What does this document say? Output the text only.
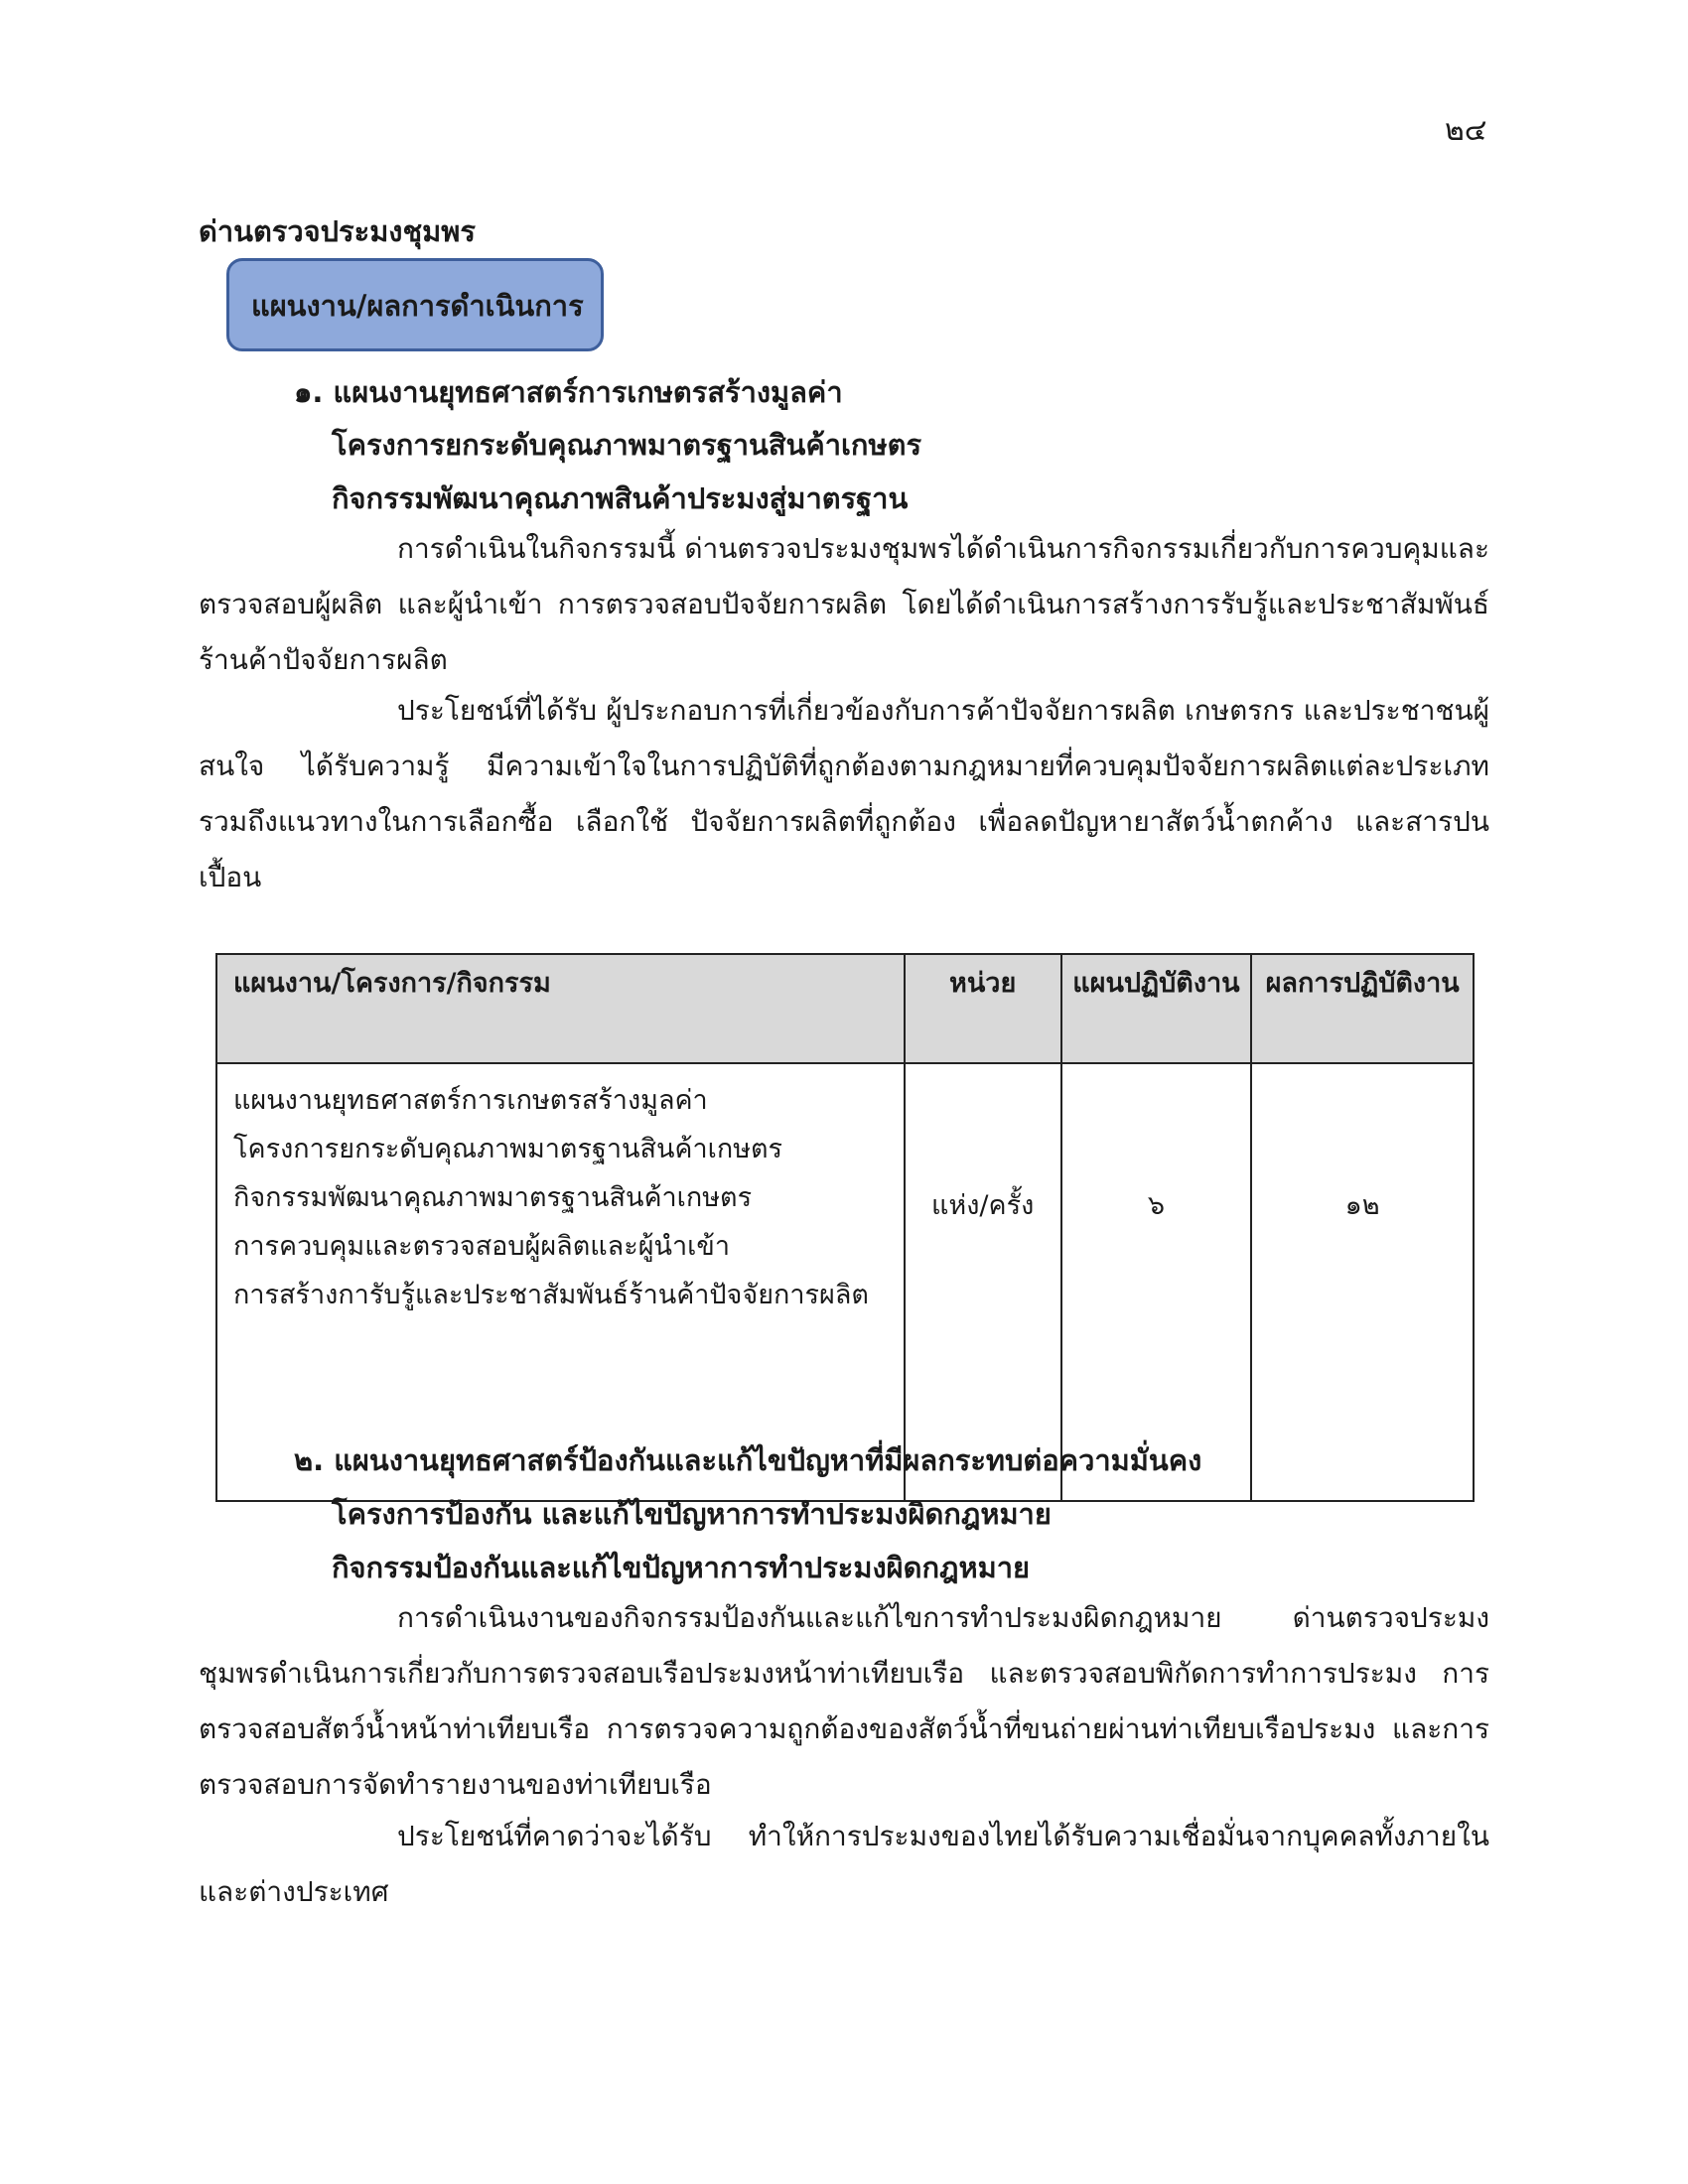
๒๔
ด่านตรวจประมงชุมพร
แผนงาน/ผลการดำเนินการ
๑. แผนงานยุทธศาสตร์การเกษตรสร้างมูลค่า
โครงการยกระดับคุณภาพมาตรฐานสินค้าเกษตร
กิจกรรมพัฒนาคุณภาพสินค้าประมงสู่มาตรฐาน
การดำเนินในกิจกรรมนี้ ด่านตรวจประมงชุมพรได้ดำเนินการกิจกรรมเกี่ยวกับการควบคุมและตรวจสอบผู้ผลิต และผู้นำเข้า การตรวจสอบปัจจัยการผลิต โดยได้ดำเนินการสร้างการรับรู้และประชาสัมพันธ์ร้านค้าปัจจัยการผลิต
ประโยชน์ที่ได้รับ ผู้ประกอบการที่เกี่ยวข้องกับการค้าปัจจัยการผลิต เกษตรกร และประชาชนผู้สนใจ ได้รับความรู้ มีความเข้าใจในการปฏิบัติที่ถูกต้องตามกฎหมายที่ควบคุมปัจจัยการผลิตแต่ละประเภท รวมถึงแนวทางในการเลือกซื้อ เลือกใช้ ปัจจัยการผลิตที่ถูกต้อง เพื่อลดปัญหายาสัตว์น้ำตกค้าง และสารปนเปื้อน
แผนงาน/โครงการ/กิจกรรม	หน่วย	แผนปฏิบัติงาน	ผลการปฏิบัติงาน

แผนงานยุทธศาสตร์การเกษตรสร้างมูลค่า
โครงการยกระดับคุณภาพมาตรฐานสินค้าเกษตร
กิจกรรมพัฒนาคุณภาพมาตรฐานสินค้าเกษตร
การควบคุมและตรวจสอบผู้ผลิตและผู้นำเข้า
การสร้างการับรู้และประชาสัมพันธ์ร้านค้าปัจจัยการผลิต	แห่ง/ครั้ง	๖	๑๒
๒. แผนงานยุทธศาสตร์ป้องกันและแก้ไขปัญหาที่มีผลกระทบต่อความมั่นคง
โครงการป้องกัน และแก้ไขปัญหาการทำประมงผิดกฎหมาย
กิจกรรมป้องกันและแก้ไขปัญหาการทำประมงผิดกฎหมาย
การดำเนินงานของกิจกรรมป้องกันและแก้ไขการทำประมงผิดกฎหมาย ด่านตรวจประมงชุมพรดำเนินการเกี่ยวกับการตรวจสอบเรือประมงหน้าท่าเทียบเรือ และตรวจสอบพิกัดการทำการประมง การตรวจสอบสัตว์น้ำหน้าท่าเทียบเรือ การตรวจความถูกต้องของสัตว์น้ำที่ขนถ่ายผ่านท่าเทียบเรือประมง และการตรวจสอบการจัดทำรายงานของท่าเทียบเรือ
ประโยชน์ที่คาดว่าจะได้รับ ทำให้การประมงของไทยได้รับความเชื่อมั่นจากบุคคลทั้งภายใน และต่างประเทศ
